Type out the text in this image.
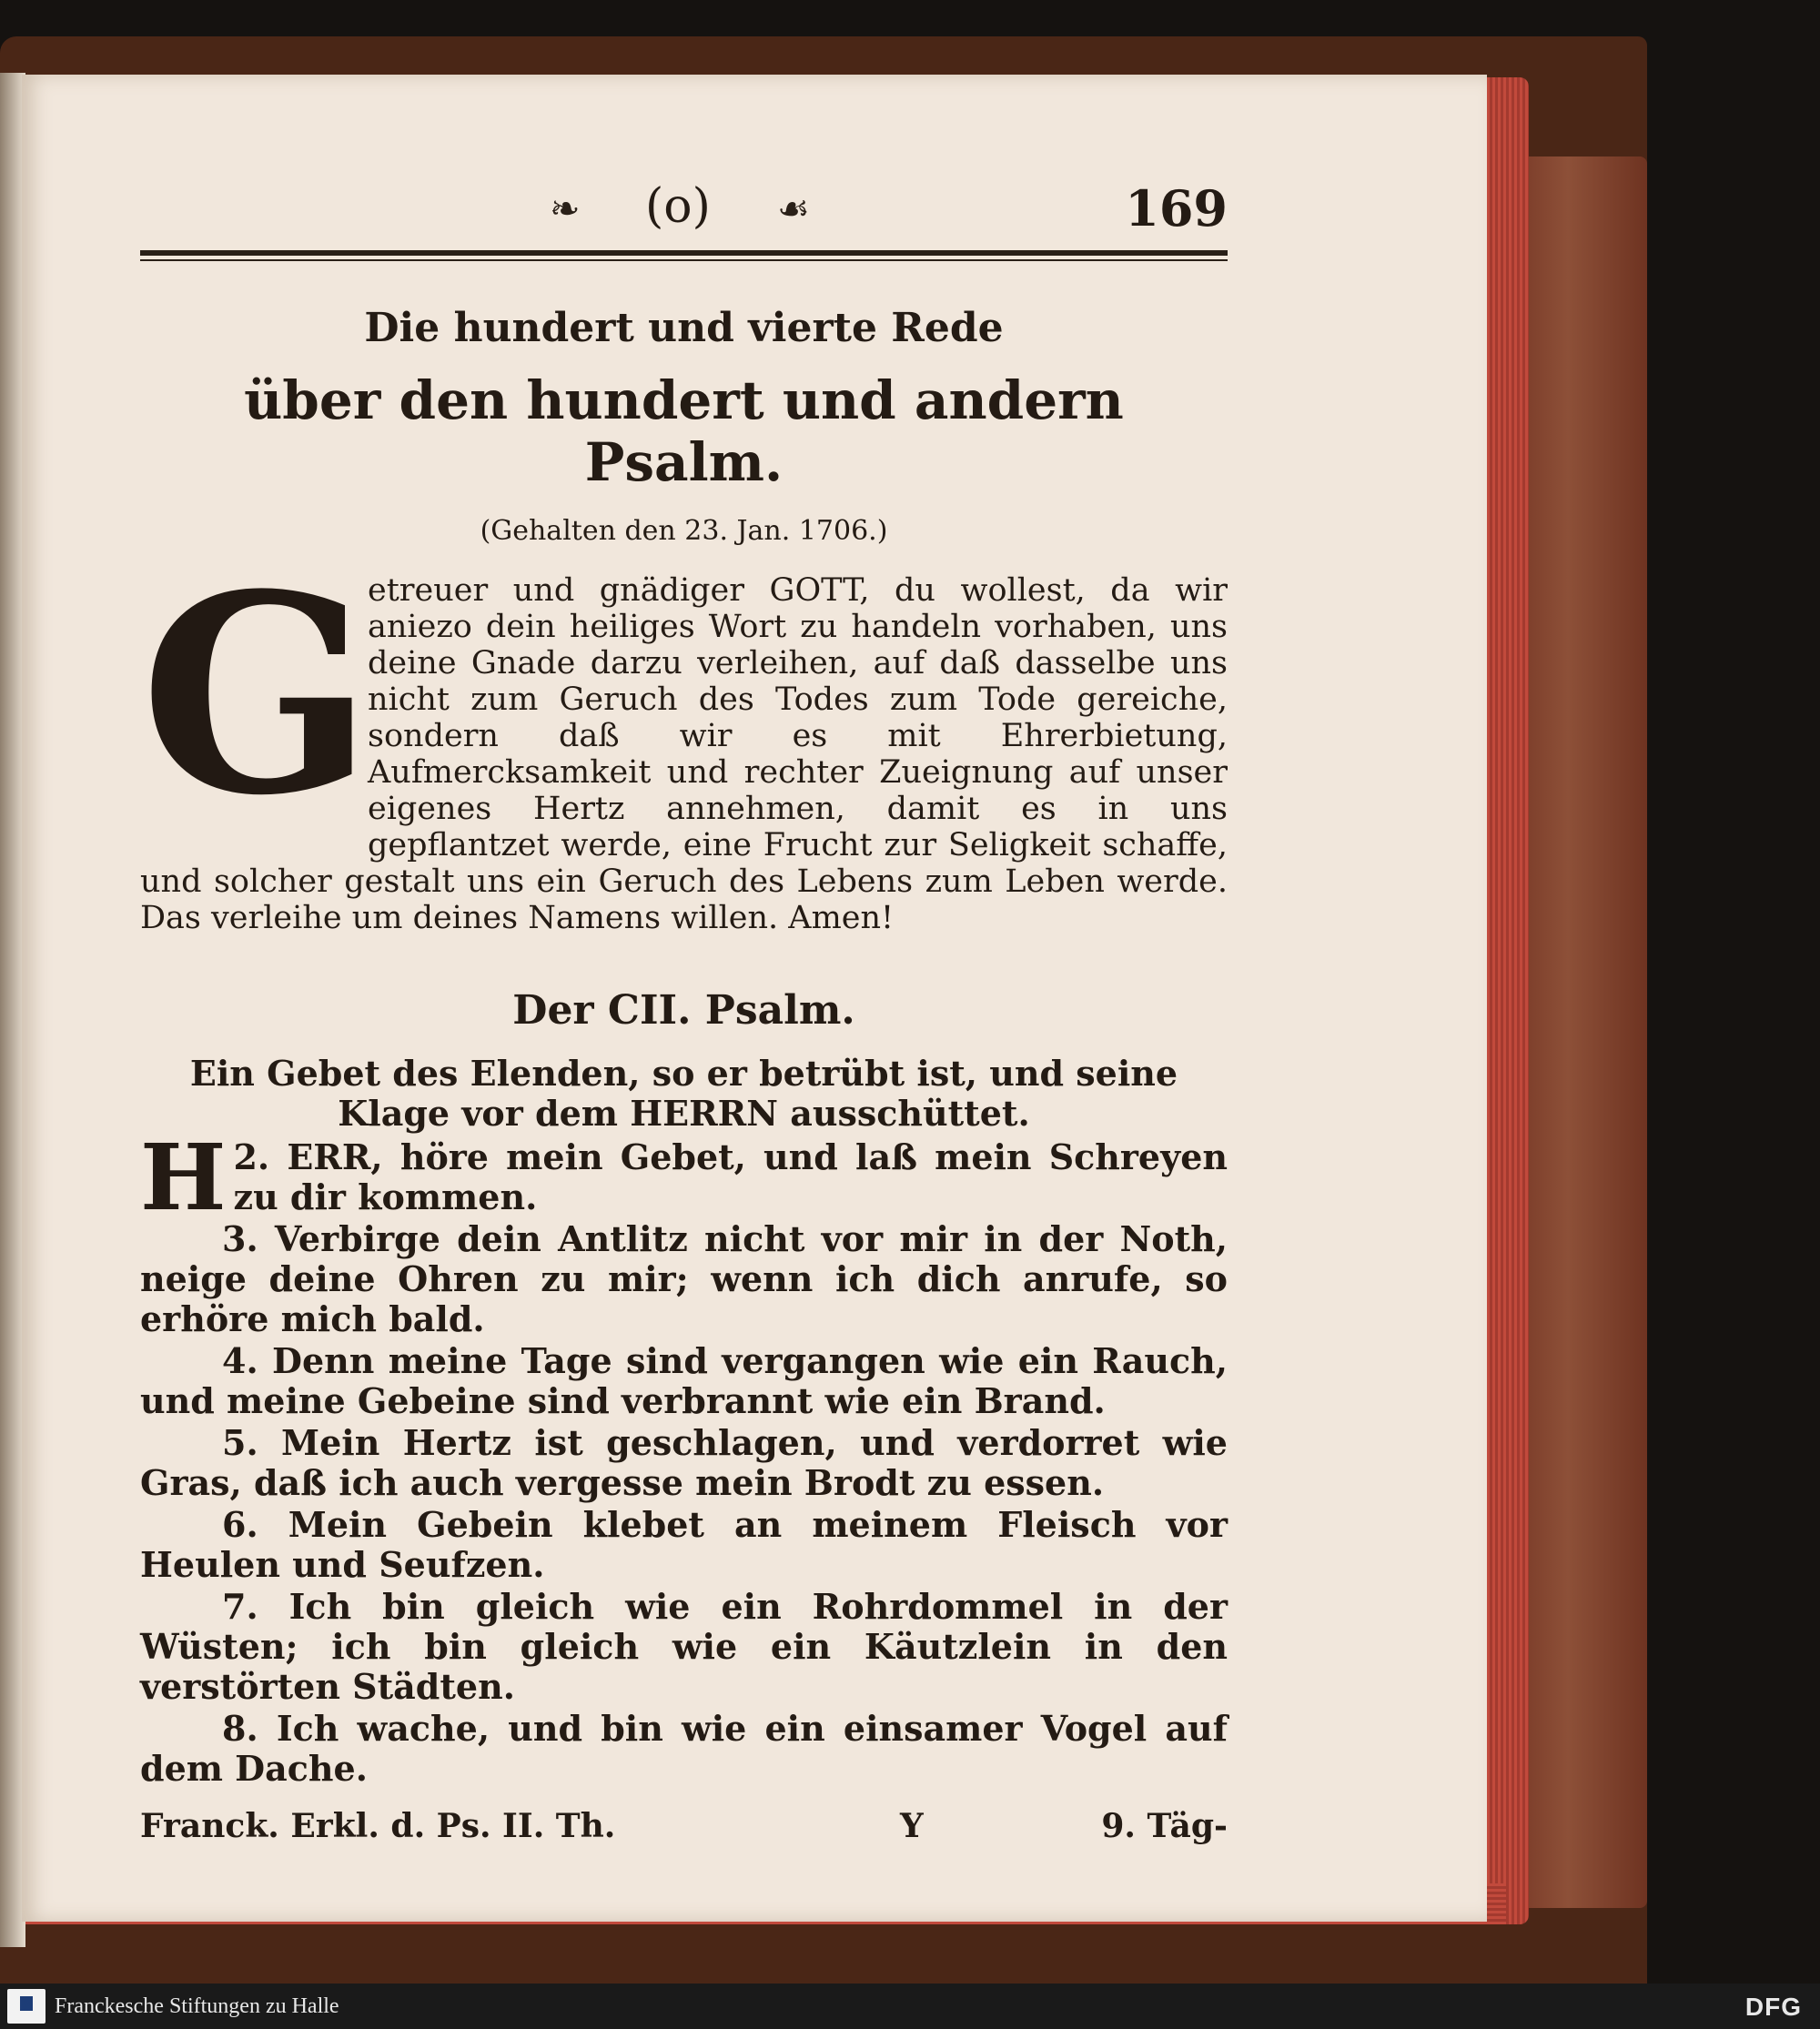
❧ (o) ☙	169
Die hundert und vierte Rede
über den hundert und andern Psalm.
(Gehalten den 23. Jan. 1706.)
G
etreuer und gnädiger GOTT, du wollest, da wir aniezo dein heiliges Wort zu handeln vorhaben, uns deine Gnade darzu verleihen, auf daß dasselbe uns nicht zum Geruch des Todes zum Tode gereiche, sondern daß wir es mit Ehrerbietung, Aufmercksamkeit und rechter Zueignung auf unser eigenes Hertz annehmen, damit es in uns gepflantzet werde, eine Frucht zur Seligkeit schaffe, und solcher gestalt uns ein Geruch des Lebens zum Leben werde. Das verleihe um deines Namens willen. Amen!
Der CII. Psalm.
Ein Gebet des Elenden, so er betrübt ist, und seine Klage vor dem HERRN ausschüttet.

2.
H ERR, höre mein Gebet, und laß mein Schreyen zu dir kommen.

3. Verbirge dein Antlitz nicht vor mir in der Noth, neige deine Ohren zu mir; wenn ich dich anrufe, so erhöre mich bald.

4. Denn meine Tage sind vergangen wie ein Rauch, und meine Gebeine sind verbrannt wie ein Brand.

5. Mein Hertz ist geschlagen, und verdorret wie Gras, daß ich auch vergesse mein Brodt zu essen.

6. Mein Gebein klebet an meinem Fleisch vor Heulen und Seufzen.

7. Ich bin gleich wie ein Rohrdommel in der Wüsten; ich bin gleich wie ein Käutzlein in den verstörten Städten.

8. Ich wache, und bin wie ein einsamer Vogel auf dem Dache.

Franck. Erkl. d. Ps. II. Th.	Y	9. Täg-
Franckesche Stiftungen zu Halle	DFG
